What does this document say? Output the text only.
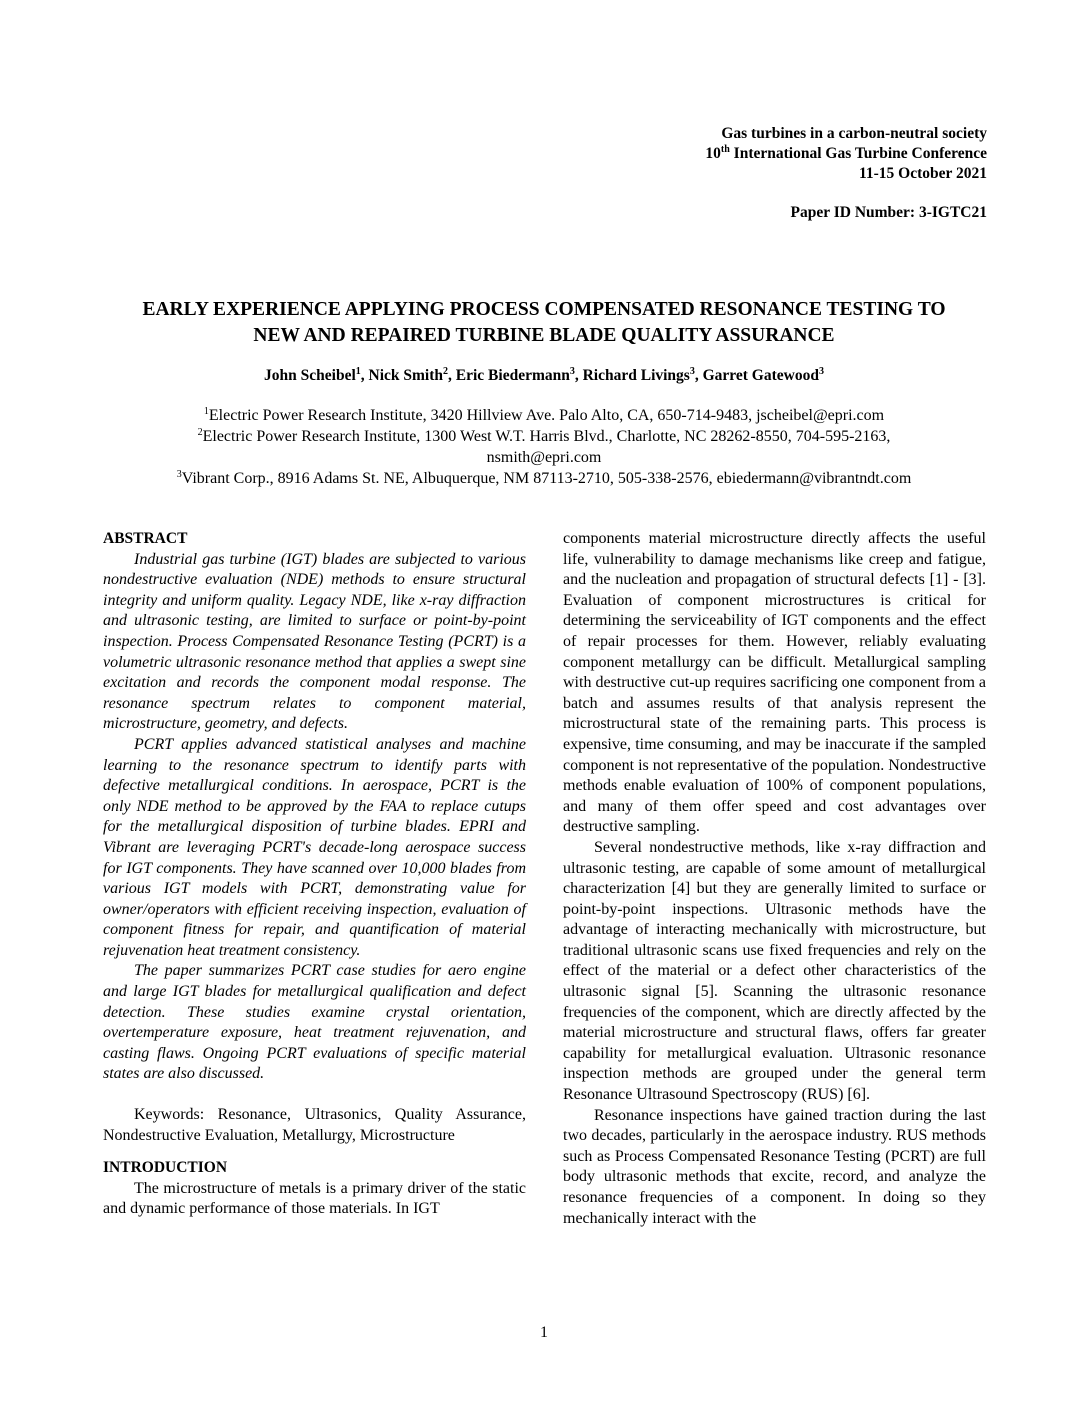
Gas turbines in a carbon-neutral society
10th International Gas Turbine Conference
11-15 October 2021
Paper ID Number: 3-IGTC21
EARLY EXPERIENCE APPLYING PROCESS COMPENSATED RESONANCE TESTING TO
NEW AND REPAIRED TURBINE BLADE QUALITY ASSURANCE
John Scheibel$^1$, Nick Smith$^2$, Eric Biedermann$^3$, Richard Livings$^3$, Garret Gatewood$^3$
$^1$Electric Power Research Institute, 3420 Hillview Ave. Palo Alto, CA, 650-714-9483, jscheibel@epri.com
$^2$Electric Power Research Institute, 1300 West W.T. Harris Blvd., Charlotte, NC 28262-8550, 704-595-2163,
nsmith@epri.com
$^3$Vibrant Corp., 8916 Adams St. NE, Albuquerque, NM 87113-2710, 505-338-2576, ebiedermann@vibrantndt.com

ABSTRACT

Industrial gas turbine (IGT) blades are subjected to various nondestructive evaluation (NDE) methods to ensure structural integrity and uniform quality. Legacy NDE, like x-ray diffraction and ultrasonic testing, are limited to surface or point-by-point inspection. Process Compensated Resonance Testing (PCRT) is a volumetric ultrasonic resonance method that applies a swept sine excitation and records the component modal response. The resonance spectrum relates to component material, microstructure, geometry, and defects.

PCRT applies advanced statistical analyses and machine learning to the resonance spectrum to identify parts with defective metallurgical conditions. In aerospace, PCRT is the only NDE method to be approved by the FAA to replace cutups for the metallurgical disposition of turbine blades. EPRI and Vibrant are leveraging PCRT's decade-long aerospace success for IGT components. They have scanned over 10,000 blades from various IGT models with PCRT, demonstrating value for owner/operators with efficient receiving inspection, evaluation of component fitness for repair, and quantification of material rejuvenation heat treatment consistency.

The paper summarizes PCRT case studies for aero engine and large IGT blades for metallurgical qualification and defect detection. These studies examine crystal orientation, overtemperature exposure, heat treatment rejuvenation, and casting flaws. Ongoing PCRT evaluations of specific material states are also discussed.

Keywords: Resonance, Ultrasonics, Quality Assurance, Nondestructive Evaluation, Metallurgy, Microstructure

INTRODUCTION

The microstructure of metals is a primary driver of the static and dynamic performance of those materials. In IGT

components material microstructure directly affects the useful life, vulnerability to damage mechanisms like creep and fatigue, and the nucleation and propagation of structural defects [1] - [3]. Evaluation of component microstructures is critical for determining the serviceability of IGT components and the effect of repair processes for them. However, reliably evaluating component metallurgy can be difficult. Metallurgical sampling with destructive cut-up requires sacrificing one component from a batch and assumes results of that analysis represent the microstructural state of the remaining parts. This process is expensive, time consuming, and may be inaccurate if the sampled component is not representative of the population. Nondestructive methods enable evaluation of 100% of component populations, and many of them offer speed and cost advantages over destructive sampling.

Several nondestructive methods, like x-ray diffraction and ultrasonic testing, are capable of some amount of metallurgical characterization [4] but they are generally limited to surface or point-by-point inspections. Ultrasonic methods have the advantage of interacting mechanically with microstructure, but traditional ultrasonic scans use fixed frequencies and rely on the effect of the material or a defect other characteristics of the ultrasonic signal [5]. Scanning the ultrasonic resonance frequencies of the component, which are directly affected by the material microstructure and structural flaws, offers far greater capability for metallurgical evaluation. Ultrasonic resonance inspection methods are grouped under the general term Resonance Ultrasound Spectroscopy (RUS) [6].

Resonance inspections have gained traction during the last two decades, particularly in the aerospace industry. RUS methods such as Process Compensated Resonance Testing (PCRT) are full body ultrasonic methods that excite, record, and analyze the resonance frequencies of a component. In doing so they mechanically interact with the

1
